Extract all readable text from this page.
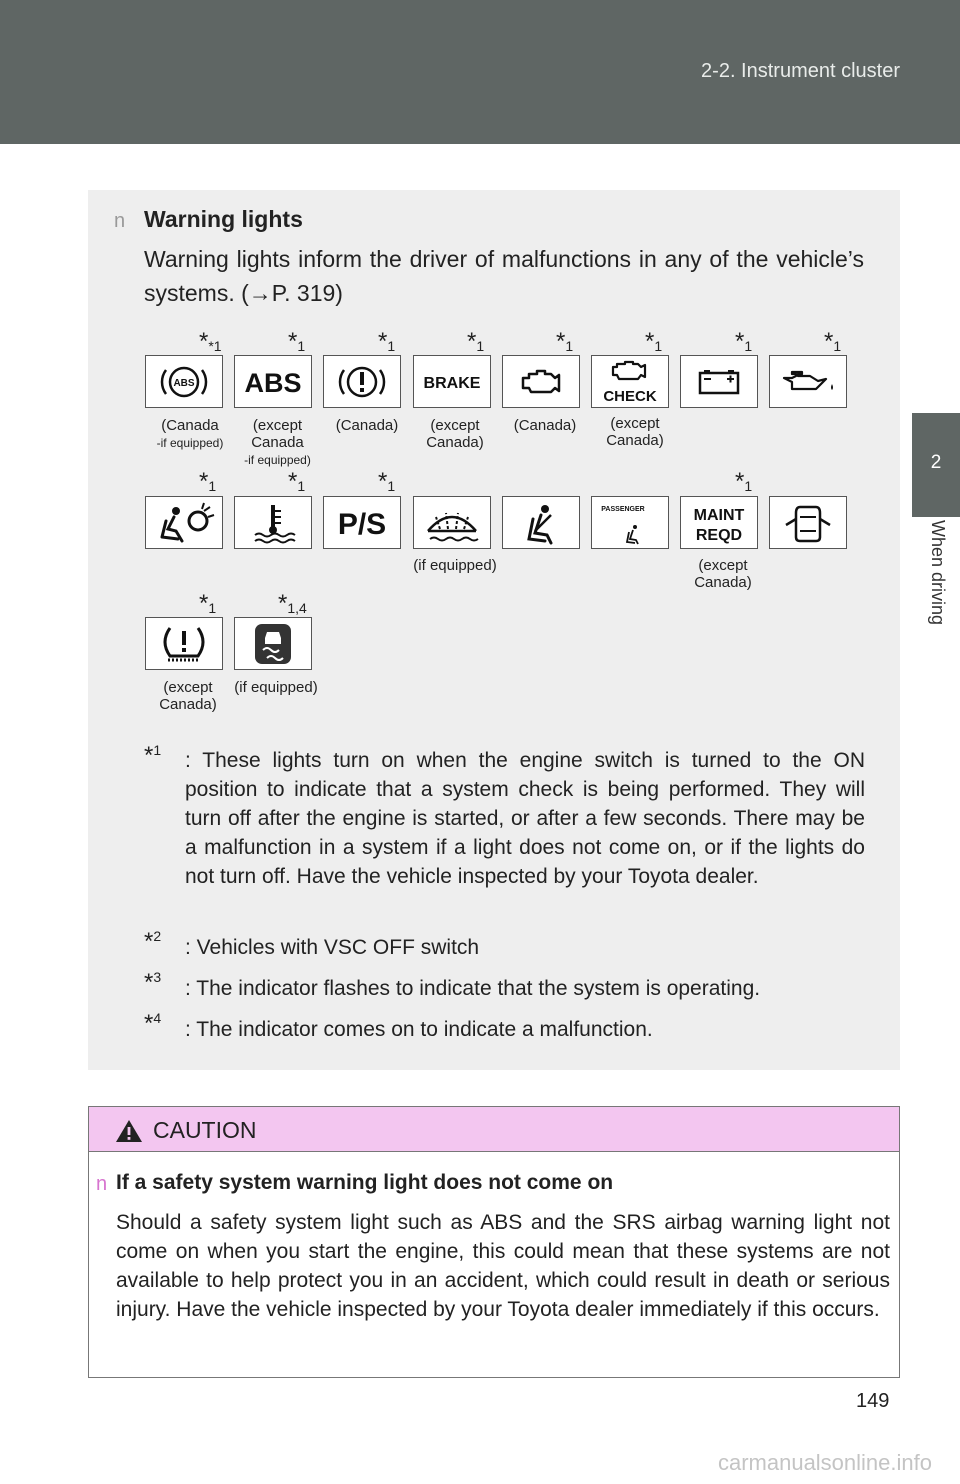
2-2. Instrument cluster
2
When driving
n Warning lights
Warning lights inform the driver of malfunctions in any of the vehicle’s systems. (→P. 319)
$*_{*1}$	$*_1$	$*_1$	$*_1$	$*_1$	$*_1$	$*_1$	$*_1$
ABS ABS	BRAKE
CHECK
(Canada
-if equipped)
(except Canada
-if equipped)
(Canada)	(except Canada)
(Canada)	(except Canada)
$*_1$	$*_1$	$*_1$	$*_1$
P/S	PASSENGER	MAINT
REQD
(if equipped)	(except Canada)
$*_1$	$*_{1,4}$
(except Canada)
(if equipped)
*$^1$ : These lights turn on when the engine switch is turned to the ON position to indicate that a system check is being performed. They will turn off after the engine is started, or after a few seconds. There may be a malfunction in a system if a light does not come on, or if the lights do not turn off. Have the vehicle inspected by your Toyota dealer.
*$^2$ : Vehicles with VSC OFF switch
*$^3$ : The indicator flashes to indicate that the system is operating.
*$^4$ : The indicator comes on to indicate a malfunction.
CAUTION
n If a safety system warning light does not come on
Should a safety system light such as ABS and the SRS airbag warning light not come on when you start the engine, this could mean that these systems are not available to help protect you in an accident, which could result in death or serious injury. Have the vehicle inspected by your Toyota dealer immediately if this occurs.
149
carmanualsonline.info
